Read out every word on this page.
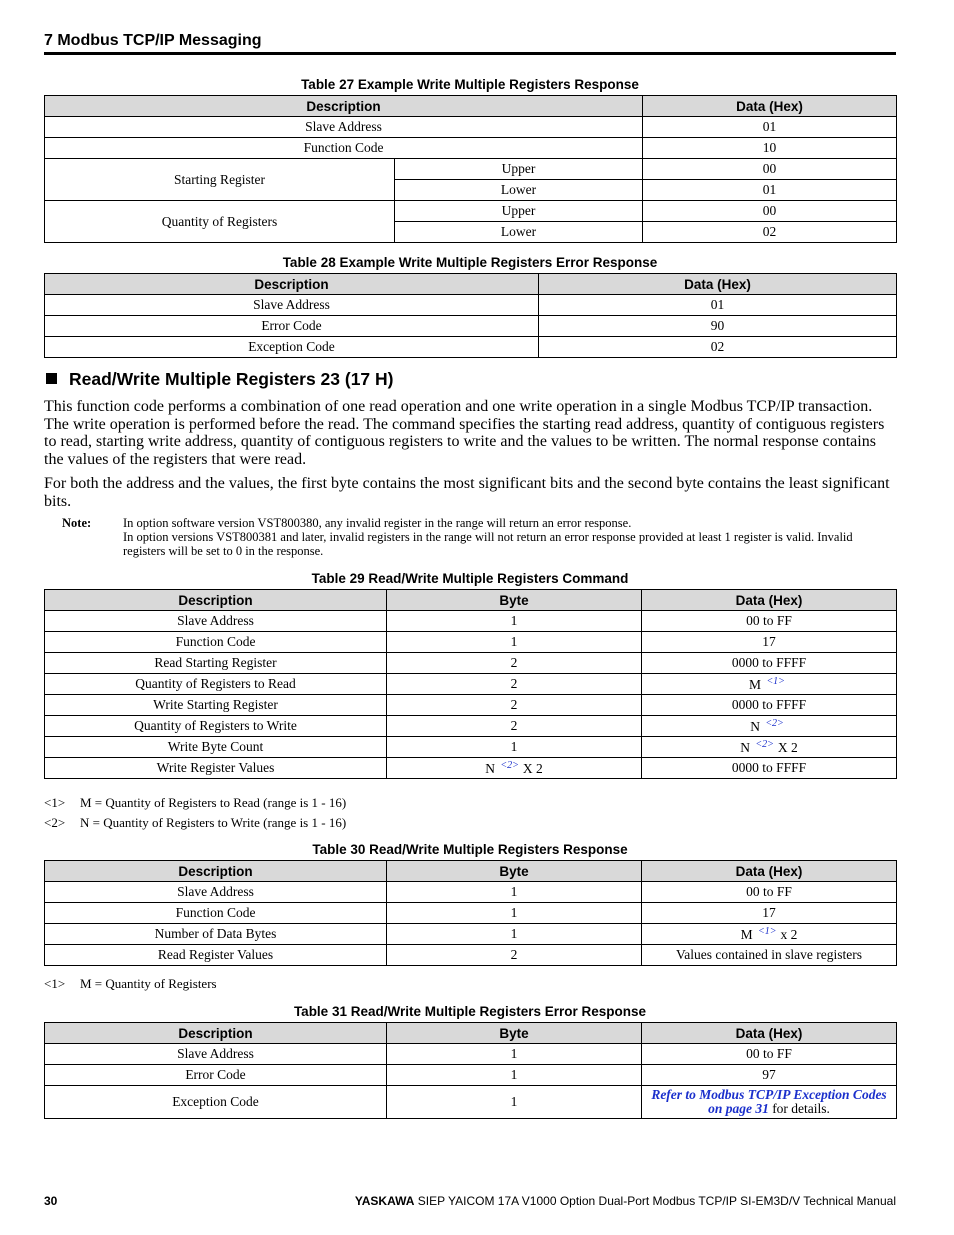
7 Modbus TCP/IP Messaging
Table 27 Example Write Multiple Registers Response
Description		Data (Hex)
Slave Address		01
Function Code		10
Starting Register	Upper	00
	Lower	01
Quantity of Registers	Upper	00
	Lower	02
Table 28 Example Write Multiple Registers Error Response
Description	Data (Hex)
Slave Address	01
Error Code	90
Exception Code	02
Read/Write Multiple Registers 23 (17 H)
This function code performs a combination of one read operation and one write operation in a single Modbus TCP/IP transaction. The write operation is performed before the read. The command specifies the starting read address, quantity of contiguous registers to read, starting write address, quantity of contiguous registers to write and the values to be written. The normal response contains the values of the registers that were read.
For both the address and the values, the first byte contains the most significant bits and the second byte contains the least significant bits.
Note:	In option software version VST800380, any invalid register in the range will return an error response.
In option versions VST800381 and later, invalid registers in the range will not return an error response provided at least 1 register is valid. Invalid registers will be set to 0 in the response.
Table 29 Read/Write Multiple Registers Command
Description	Byte	Data (Hex)
Slave Address	1	00 to FF
Function Code	1	17
Read Starting Register	2	0000 to FFFF
Quantity of Registers to Read	2	M $^{<1>}$
Write Starting Register	2	0000 to FFFF
Quantity of Registers to Write	2	N $^{<2>}$
Write Byte Count	1	N $^{<2>}$ X 2
Write Register Values	N $^{<2>}$ X 2	0000 to FFFF
<1> M = Quantity of Registers to Read (range is 1 - 16)
<2> N = Quantity of Registers to Write (range is 1 - 16)
Table 30 Read/Write Multiple Registers Response
Description	Byte	Data (Hex)
Slave Address	1	00 to FF
Function Code	1	17
Number of Data Bytes	1	M $^{<1>}$ x 2
Read Register Values	2	Values contained in slave registers
<1> M = Quantity of Registers
Table 31 Read/Write Multiple Registers Error Response
Description	Byte	Data (Hex)
Slave Address	1	00 to FF
Error Code	1	97
Exception Code	1	Refer to Modbus TCP/IP Exception Codes
on page 31 for details.
30	YASKAWA SIEP YAICOM 17A V1000 Option Dual-Port Modbus TCP/IP SI-EM3D/V Technical Manual
